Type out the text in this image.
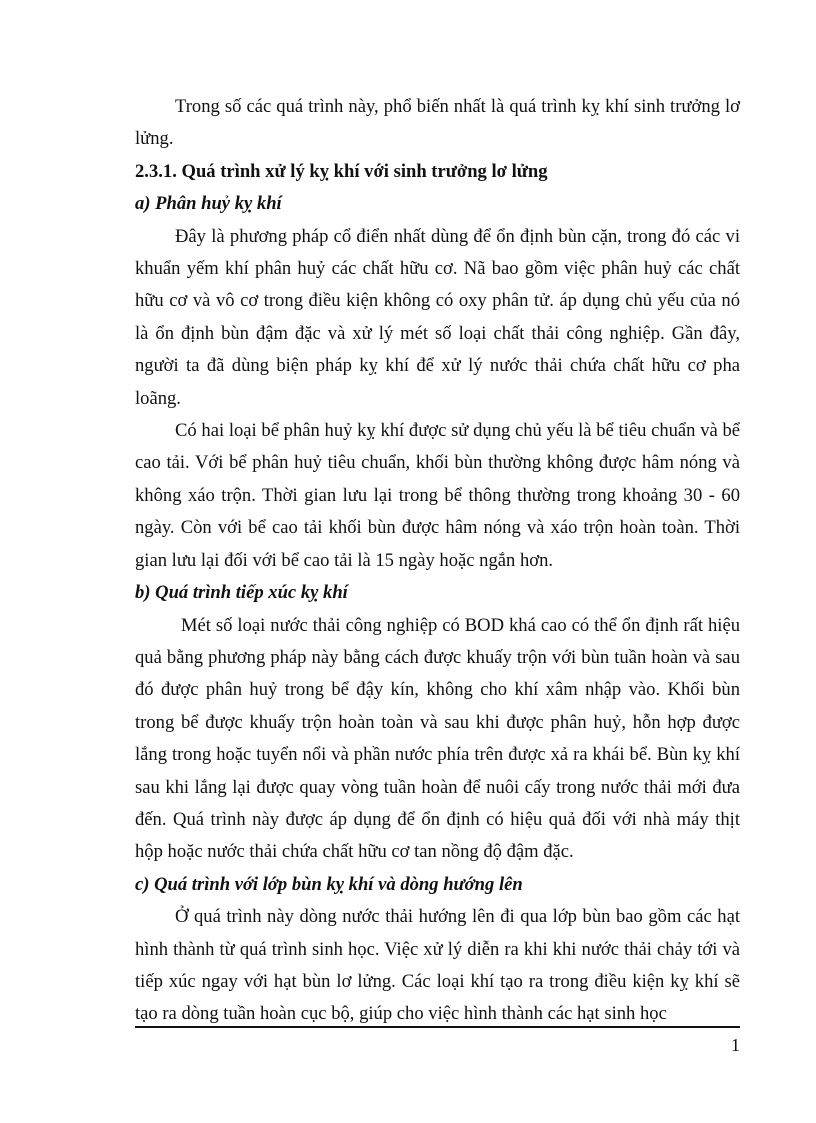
Trong số các quá trình này, phổ biến nhất là quá trình kỵ khí sinh trưởng lơ lửng.

2.3.1. Quá trình xử lý kỵ khí với sinh trưởng lơ lửng

a) Phân huỷ kỵ khí

Đây là phương pháp cổ điển nhất dùng để ổn định bùn cặn, trong đó các vi khuẩn yếm khí phân huỷ các chất hữu cơ. Nã bao gồm việc phân huỷ các chất hữu cơ và vô cơ trong điều kiện không có oxy phân tử. áp dụng chủ yếu của nó là ổn định bùn đậm đặc và xử lý mét số loại chất thải công nghiệp. Gần đây, người ta đã dùng biện pháp kỵ khí để xử lý nước thải chứa chất hữu cơ pha loãng.

Có hai loại bể phân huỷ kỵ khí được sử dụng chủ yếu là bể tiêu chuẩn và bể cao tải. Với bể phân huỷ tiêu chuẩn, khối bùn thường không được hâm nóng và không xáo trộn. Thời gian lưu lại trong bể thông thường trong khoảng 30 - 60 ngày. Còn với bể cao tải khối bùn được hâm nóng và xáo trộn hoàn toàn. Thời gian lưu lại đối với bể cao tải là 15 ngày hoặc ngắn hơn.

b) Quá trình tiếp xúc kỵ khí

Mét số loại nước thải công nghiệp có BOD khá cao có thể ổn định rất hiệu quả bằng phương pháp này bằng cách được khuấy trộn với bùn tuần hoàn và sau đó được phân huỷ trong bể đậy kín, không cho khí xâm nhập vào. Khối bùn trong bể được khuấy trộn hoàn toàn và sau khi được phân huỷ, hỗn hợp được lắng trong hoặc tuyển nổi và phần nước phía trên được xả ra khái bể. Bùn kỵ khí sau khi lắng lại được quay vòng tuần hoàn để nuôi cấy trong nước thải mới đưa đến. Quá trình này được áp dụng để ổn định có hiệu quả đối với nhà máy thịt hộp hoặc nước thải chứa chất hữu cơ tan nồng độ đậm đặc.

c) Quá trình với lớp bùn kỵ khí và dòng hướng lên

Ở quá trình này dòng nước thải hướng lên đi qua lớp bùn bao gồm các hạt hình thành từ quá trình sinh học. Việc xử lý diễn ra khi khi nước thải chảy tới và tiếp xúc ngay với hạt bùn lơ lửng. Các loại khí tạo ra trong điều kiện kỵ khí sẽ tạo ra dòng tuần hoàn cục bộ, giúp cho việc hình thành các hạt sinh học

1
